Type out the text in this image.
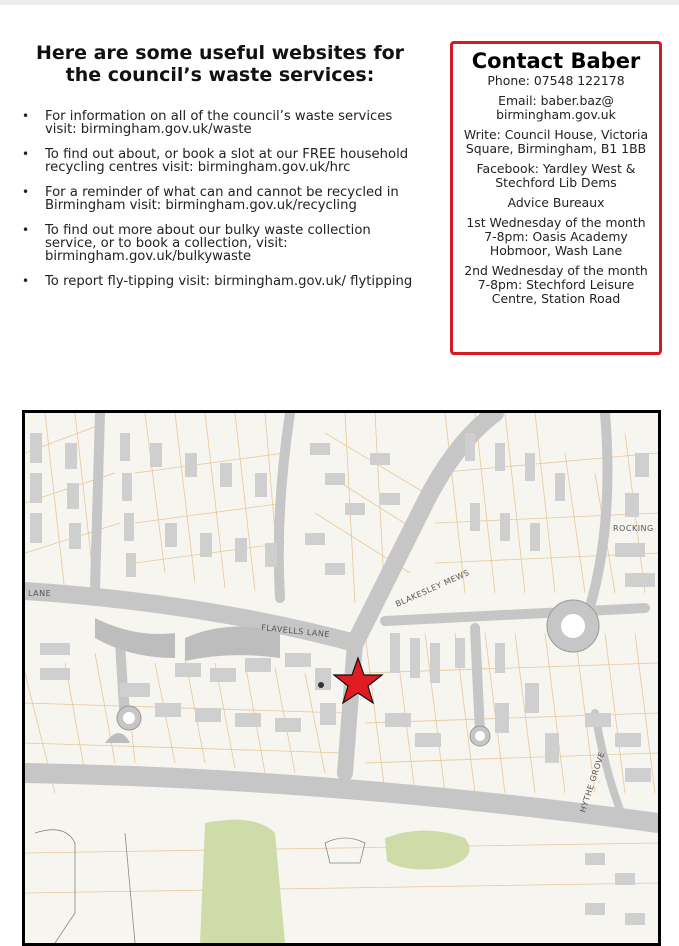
Here are some useful websites for the council’s waste services:
• For information on all of the council’s waste services visit: birmingham.gov.uk/waste
• To find out about, or book a slot at our FREE household recycling centres visit: birmingham.gov.uk/hrc
• For a reminder of what can and cannot be recycled in Birmingham visit: birmingham.gov.uk/recycling
• To find out more about our bulky waste collection service, or to book a collection, visit: birmingham.gov.uk/bulkywaste
• To report fly-tipping visit: birmingham.gov.uk/ flytipping
Contact Baber

Phone: 07548 122178

Email: baber.baz@ birmingham.gov.uk

Write: Council House, Victoria Square, Birmingham, B1 1BB

Facebook: Yardley West & Stechford Lib Dems

Advice Bureaux

1st Wednesday of the month 7-8pm: Oasis Academy Hobmoor, Wash Lane

2nd Wednesday of the month 7-8pm: Stechford Leisure Centre, Station Road

FLAVELLS LANE
BLAKESLEY MEWS
ROCKING
LANE
HYTHE GROVE
